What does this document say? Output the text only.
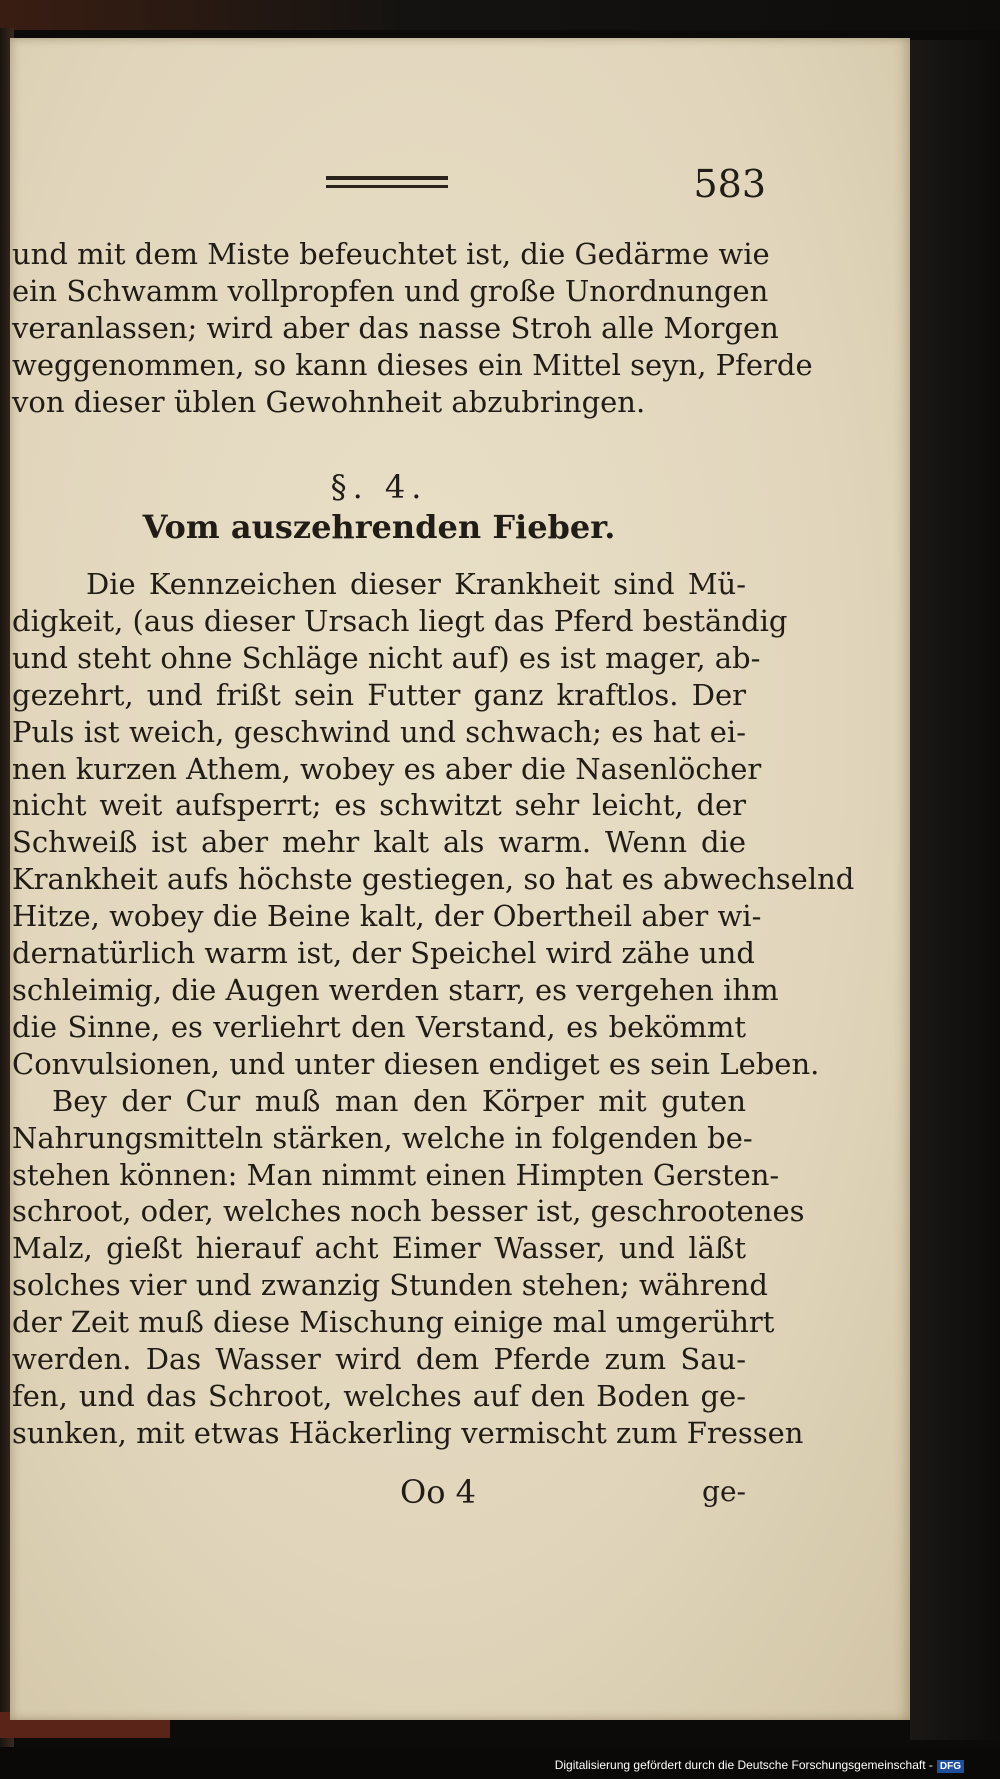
583
und mit dem Miste befeuchtet ist, die Gedärme wie
ein Schwamm vollpropfen und große Unordnungen
veranlassen; wird aber das nasse Stroh alle Morgen
weggenommen, so kann dieses ein Mittel seyn, Pferde
von dieser üblen Gewohnheit abzubringen.
§. 4.
Vom auszehrenden Fieber.
Die Kennzeichen dieser Krankheit sind Mü-
digkeit, (aus dieser Ursach liegt das Pferd beständig
und steht ohne Schläge nicht auf) es ist mager, ab-
gezehrt, und frißt sein Futter ganz kraftlos. Der
Puls ist weich, geschwind und schwach; es hat ei-
nen kurzen Athem, wobey es aber die Nasenlöcher
nicht weit aufsperrt; es schwitzt sehr leicht, der
Schweiß ist aber mehr kalt als warm. Wenn die
Krankheit aufs höchste gestiegen, so hat es abwechselnd
Hitze, wobey die Beine kalt, der Obertheil aber wi-
dernatürlich warm ist, der Speichel wird zähe und
schleimig, die Augen werden starr, es vergehen ihm
die Sinne, es verliehrt den Verstand, es bekömmt
Convulsionen, und unter diesen endiget es sein Leben.
Bey der Cur muß man den Körper mit guten
Nahrungsmitteln stärken, welche in folgenden be-
stehen können: Man nimmt einen Himpten Gersten-
schroot, oder, welches noch besser ist, geschrootenes
Malz, gießt hierauf acht Eimer Wasser, und läßt
solches vier und zwanzig Stunden stehen; während
der Zeit muß diese Mischung einige mal umgerührt
werden. Das Wasser wird dem Pferde zum Sau-
fen, und das Schroot, welches auf den Boden ge-
sunken, mit etwas Häckerling vermischt zum Fressen
Oo 4	ge-
Digitalisierung gefördert durch die Deutsche Forschungsgemeinschaft - DFG
